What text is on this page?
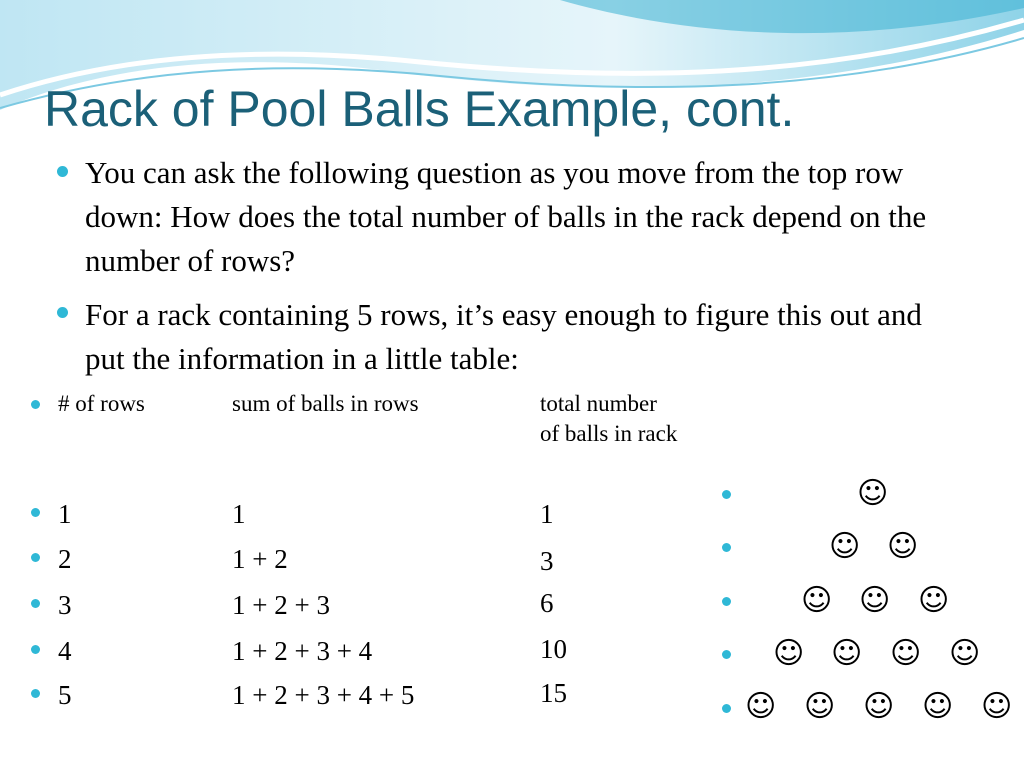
Rack of Pool Balls Example, cont.
You can ask the following question as you move from the top row down: How does the total number of balls in the rack depend on the number of rows?
For a rack containing 5 rows, it’s easy enough to figure this out and put the information in a little table:
# of rows	sum of balls in rows	total number
of balls in rack
1	1	1
2	1 + 2	3
3	1 + 2 + 3	6
4	1 + 2 + 3 + 4	10
5	1 + 2 + 3 + 4 + 5	15
☺
☺ ☺
☺ ☺ ☺
☺ ☺ ☺ ☺
☺ ☺ ☺ ☺ ☺
